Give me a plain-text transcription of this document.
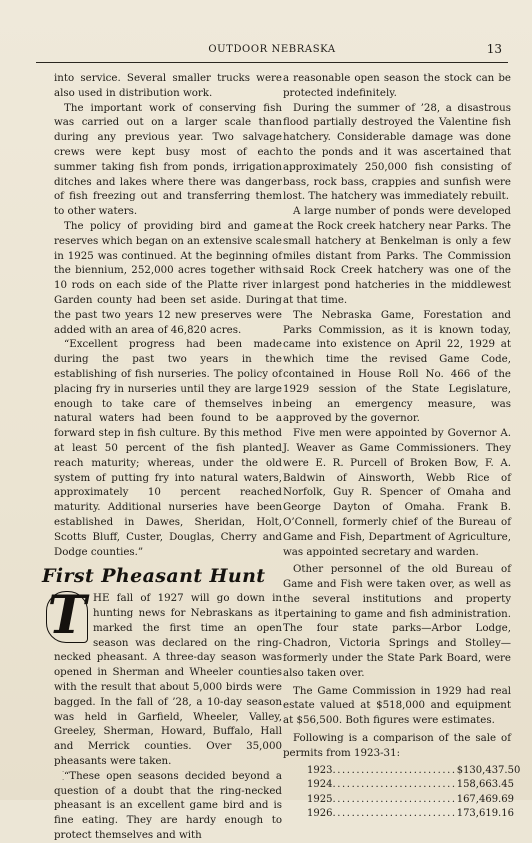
OUTDOOR NEBRASKA	13

into service. Several smaller trucks were also used in distribution work.

The important work of conserving fish was carried out on a larger scale than during any previous year. Two salvage crews were kept busy most of each summer taking fish from ponds, irrigation ditches and lakes where there was danger of fish freezing out and transferring them to other waters.

The policy of providing bird and game reserves which began on an extensive scale in 1925 was continued. At the beginning of the biennium, 252,000 acres together with 10 rods on each side of the Platte river in Garden county had been set aside. During the past two years 12 new preserves were added with an area of 46,820 acres.

“Excellent progress had been made during the past two years in the establishing of fish nurseries. The policy of placing fry in nurseries until they are large enough to take care of themselves in natural waters had been found to be a forward step in fish culture. By this method at least 50 percent of the fish planted reach maturity; whereas, under the old system of putting fry into natural waters, approximately 10 percent reached maturity. Additional nurseries have been established in Dawes, Sheridan, Holt, Scotts Bluff, Custer, Douglas, Cherry and Dodge counties.”

First Pheasant Hunt

T HE fall of 1927 will go down in hunting news for Nebraskans as it marked the first time an open season was declared on the ring-necked pheasant. A three-day season was opened in Sherman and Wheeler counties with the result that about 5,000 birds were bagged. In the fall of ’28, a 10-day season was held in Garfield, Wheeler, Valley, Greeley, Sherman, Howard, Buffalo, Hall and Merrick counties. Over 35,000 pheasants were taken.

“These open seasons decided beyond a question of a doubt that the ring-necked pheasant is an excellent game bird and is fine eating. They are hardy enough to protect themselves and with

a reasonable open season the stock can be protected indefinitely.

During the summer of ’28, a disastrous flood partially destroyed the Valentine fish hatchery. Considerable damage was done to the ponds and it was ascertained that approximately 250,000 fish consisting of bass, rock bass, crappies and sunfish were lost. The hatchery was immediately rebuilt.

A large number of ponds were developed at the Rock creek hatchery near Parks. The small hatchery at Benkelman is only a few miles distant from Parks. The Commission said Rock Creek hatchery was one of the largest pond hatcheries in the middlewest at that time.

The Nebraska Game, Forestation and Parks Commission, as it is known today, came into existence on April 22, 1929 at which time the revised Game Code, contained in House Roll No. 466 of the 1929 session of the State Legislature, being an emergency measure, was approved by the governor.

Five men were appointed by Governor A. J. Weaver as Game Commissioners. They were E. R. Purcell of Broken Bow, F. A. Baldwin of Ainsworth, Webb Rice of Norfolk, Guy R. Spencer of Omaha and George Dayton of Omaha. Frank B. O’Connell, formerly chief of the Bureau of Game and Fish, Department of Agriculture, was appointed secretary and warden.

Other personnel of the old Bureau of Game and Fish were taken over, as well as the several institutions and property pertaining to game and fish administration. The four state parks—Arbor Lodge, Chadron, Victoria Springs and Stolley—formerly under the State Park Board, were also taken over.

The Game Commission in 1929 had real estate valued at $518,000 and equipment at $56,500. Both figures were estimates.

Following is a comparison of the sale of permits from 1923-31:

1923 .......................... $130,437.50
1924 .......................... 158,663.45
1925 .......................... 167,469.69
1926 .......................... 173,619.16
·
·
